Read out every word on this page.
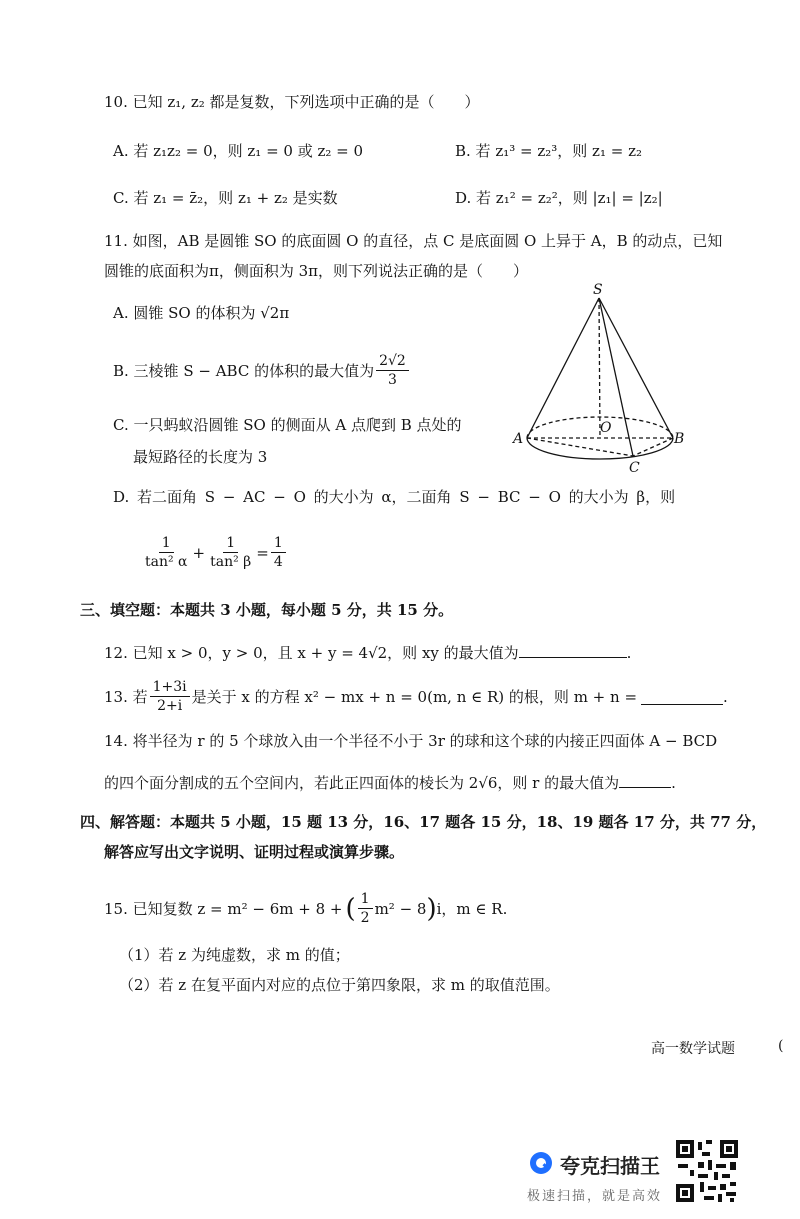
10. 已知 z₁, z₂ 都是复数，下列选项中正确的是（　　）
A. 若 z₁z₂ = 0，则 z₁ = 0 或 z₂ = 0	B. 若 z₁³ = z₂³，则 z₁ = z₂
C. 若 z₁ = z̄₂，则 z₁ + z₂ 是实数	D. 若 z₁² = z₂²，则 |z₁| = |z₂|
11. 如图，AB 是圆锥 SO 的底面圆 O 的直径，点 C 是底面圆 O 上异于 A，B 的动点，已知
圆锥的底面积为π，侧面积为 3π，则下列说法正确的是（　　）
A. 圆锥 SO 的体积为 √2π
B. 三棱锥 S − ABC 的体积的最大值为 $\frac{2√2}{3}$
C. 一只蚂蚁沿圆锥 SO 的侧面从 A 点爬到 B 点处的
最短路径的长度为 3
D. 若二面角 S − AC − O 的大小为 α，二面角 S − BC − O 的大小为 β，则
$\frac{1}{\text{tan² α}} + \frac{1}{\text{tan² β}} = \frac{1}{4}$
S
A	B
O
C
三、填空题：本题共 3 小题，每小题 5 分，共 15 分。
12. 已知 x > 0，y > 0，且 x + y = 4√2，则 xy 的最大值为	.
13. 若 $\frac{1+3i}{2+i}$ 是关于 x 的方程 x² − mx + n = 0(m, n ∈ R) 的根，则 m + n =	.
14. 将半径为 r 的 5 个球放入由一个半径不小于 3r 的球和这个球的内接正四面体 A − BCD
的四个面分割成的五个空间内，若此正四面体的棱长为 2√6，则 r 的最大值为	.
四、解答题：本题共 5 小题，15 题 13 分，16、17 题各 15 分，18、19 题各 17 分，共 77 分，
解答应写出文字说明、证明过程或演算步骤。
15. 已知复数 z = m² − 6m + 8 + ( $\frac{1}{2} m^2 - 8$ ) i，m ∈ R.
（1）若 z 为纯虚数，求 m 的值；
（2）若 z 在复平面内对应的点位于第四象限，求 m 的取值范围。
高一数学试题	(
夸克扫描王
极速扫描，就是高效
